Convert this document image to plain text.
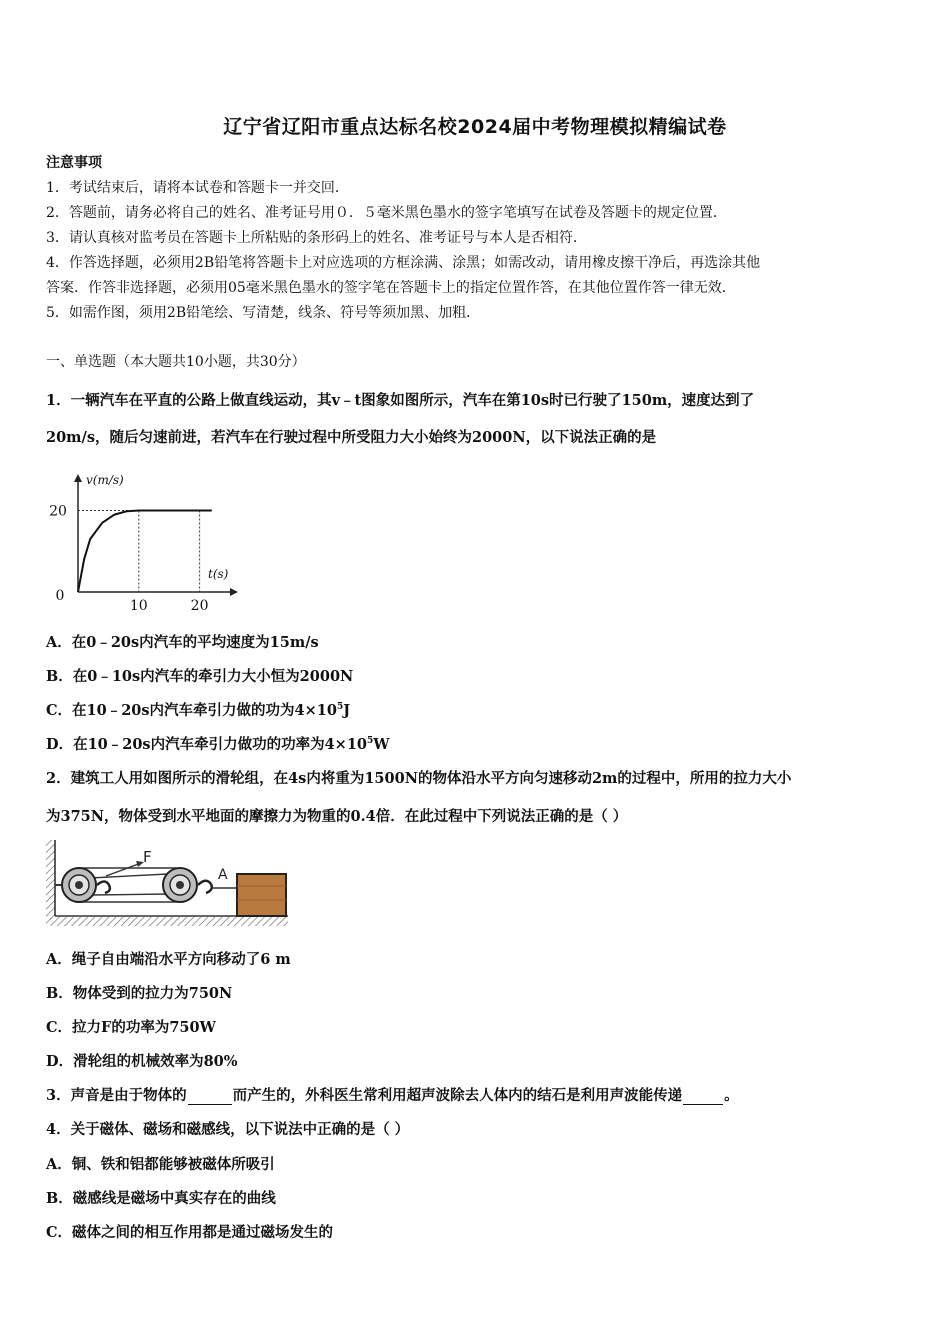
辽宁省辽阳市重点达标名校2024届中考物理模拟精编试卷
注意事项
1．考试结束后，请将本试卷和答题卡一并交回．
2．答题前，请务必将自己的姓名、准考证号用０．５毫米黑色墨水的签字笔填写在试卷及答题卡的规定位置．
3．请认真核对监考员在答题卡上所粘贴的条形码上的姓名、准考证号与本人是否相符．
4．作答选择题，必须用2B铅笔将答题卡上对应选项的方框涂满、涂黑；如需改动，请用橡皮擦干净后，再选涂其他
答案．作答非选择题，必须用05毫米黑色墨水的签字笔在答题卡上的指定位置作答，在其他位置作答一律无效．
5．如需作图，须用2B铅笔绘、写清楚，线条、符号等须加黑、加粗．
一、单选题（本大题共10小题，共30分）
1．一辆汽车在平直的公路上做直线运动，其v﹣t图象如图所示，汽车在第10s时已行驶了150m，速度达到了
20m/s，随后匀速前进，若汽车在行驶过程中所受阻力大小始终为2000N，以下说法正确的是
v(m/s)
t(s)
0
20
10	20
A．在0﹣20s内汽车的平均速度为15m/s
B．在0﹣10s内汽车的牵引力大小恒为2000N
C．在10﹣20s内汽车牵引力做的功为$4\times 10^5J$
D．在10﹣20s内汽车牵引力做功的功率为$4\times 10^5W$
2．建筑工人用如图所示的滑轮组，在4s内将重为1500N的物体沿水平方向匀速移动2m的过程中，所用的拉力大小
为375N，物体受到水平地面的摩擦力为物重的0.4倍．在此过程中下列说法正确的是（ ）
F
A
A．绳子自由端沿水平方向移动了6 m
B．物体受到的拉力为750N
C．拉力F的功率为750W
D．滑轮组的机械效率为80%
3．声音是由于物体的	而产生的，外科医生常利用超声波除去人体内的结石是利用声波能传递	。
4．关于磁体、磁场和磁感线，以下说法中正确的是（ ）
A．铜、铁和铝都能够被磁体所吸引
B．磁感线是磁场中真实存在的曲线
C．磁体之间的相互作用都是通过磁场发生的
